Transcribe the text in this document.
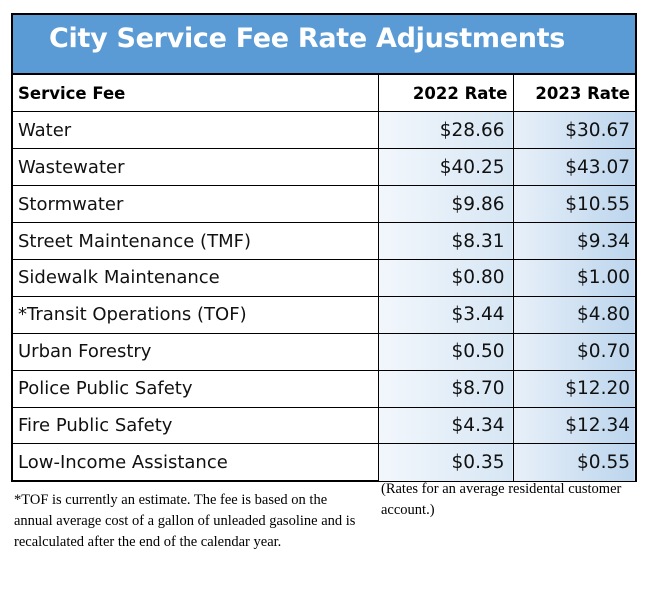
City Service Fee Rate Adjustments
Service Fee	2022 Rate	2023 Rate
Water	$28.66	$30.67
Wastewater	$40.25	$43.07
Stormwater	$9.86	$10.55
Street Maintenance (TMF)	$8.31	$9.34
Sidewalk Maintenance	$0.80	$1.00
*Transit Operations (TOF)	$3.44	$4.80
Urban Forestry	$0.50	$0.70
Police Public Safety	$8.70	$12.20
Fire Public Safety	$4.34	$12.34
Low-Income Assistance	$0.35	$0.55
*TOF is currently an estimate. The fee is based on the annual average cost of a gallon of unleaded gasoline and is recalculated after the end of the calendar year.
(Rates for an average residental customer account.)
